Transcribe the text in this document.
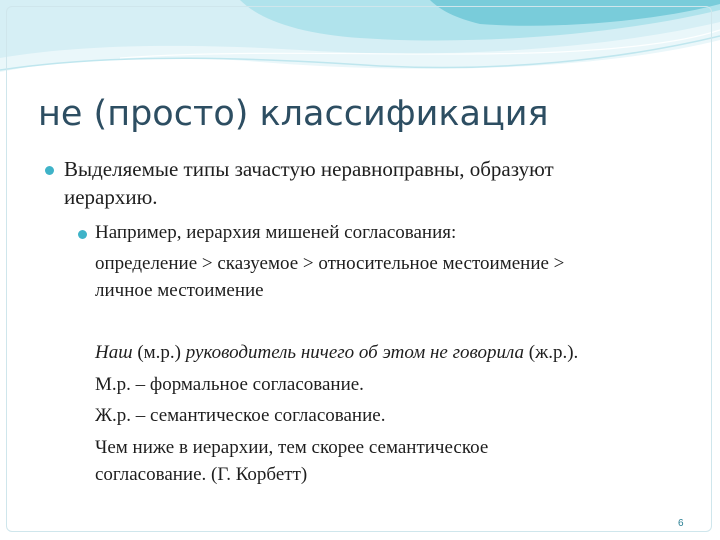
не (просто) классификация

Выделяемые типы зачастую неравноправны, образуют

иерархию.

Например, иерархия мишеней согласования:

определение > сказуемое > относительное местоимение >

личное местоимение

Наш (м.р.) руководитель ничего об этом не говорила (ж.р.).

М.р. – формальное согласование.

Ж.р. – семантическое согласование.

Чем ниже в иерархии, тем скорее семантическое

согласование. (Г. Корбетт)

6
